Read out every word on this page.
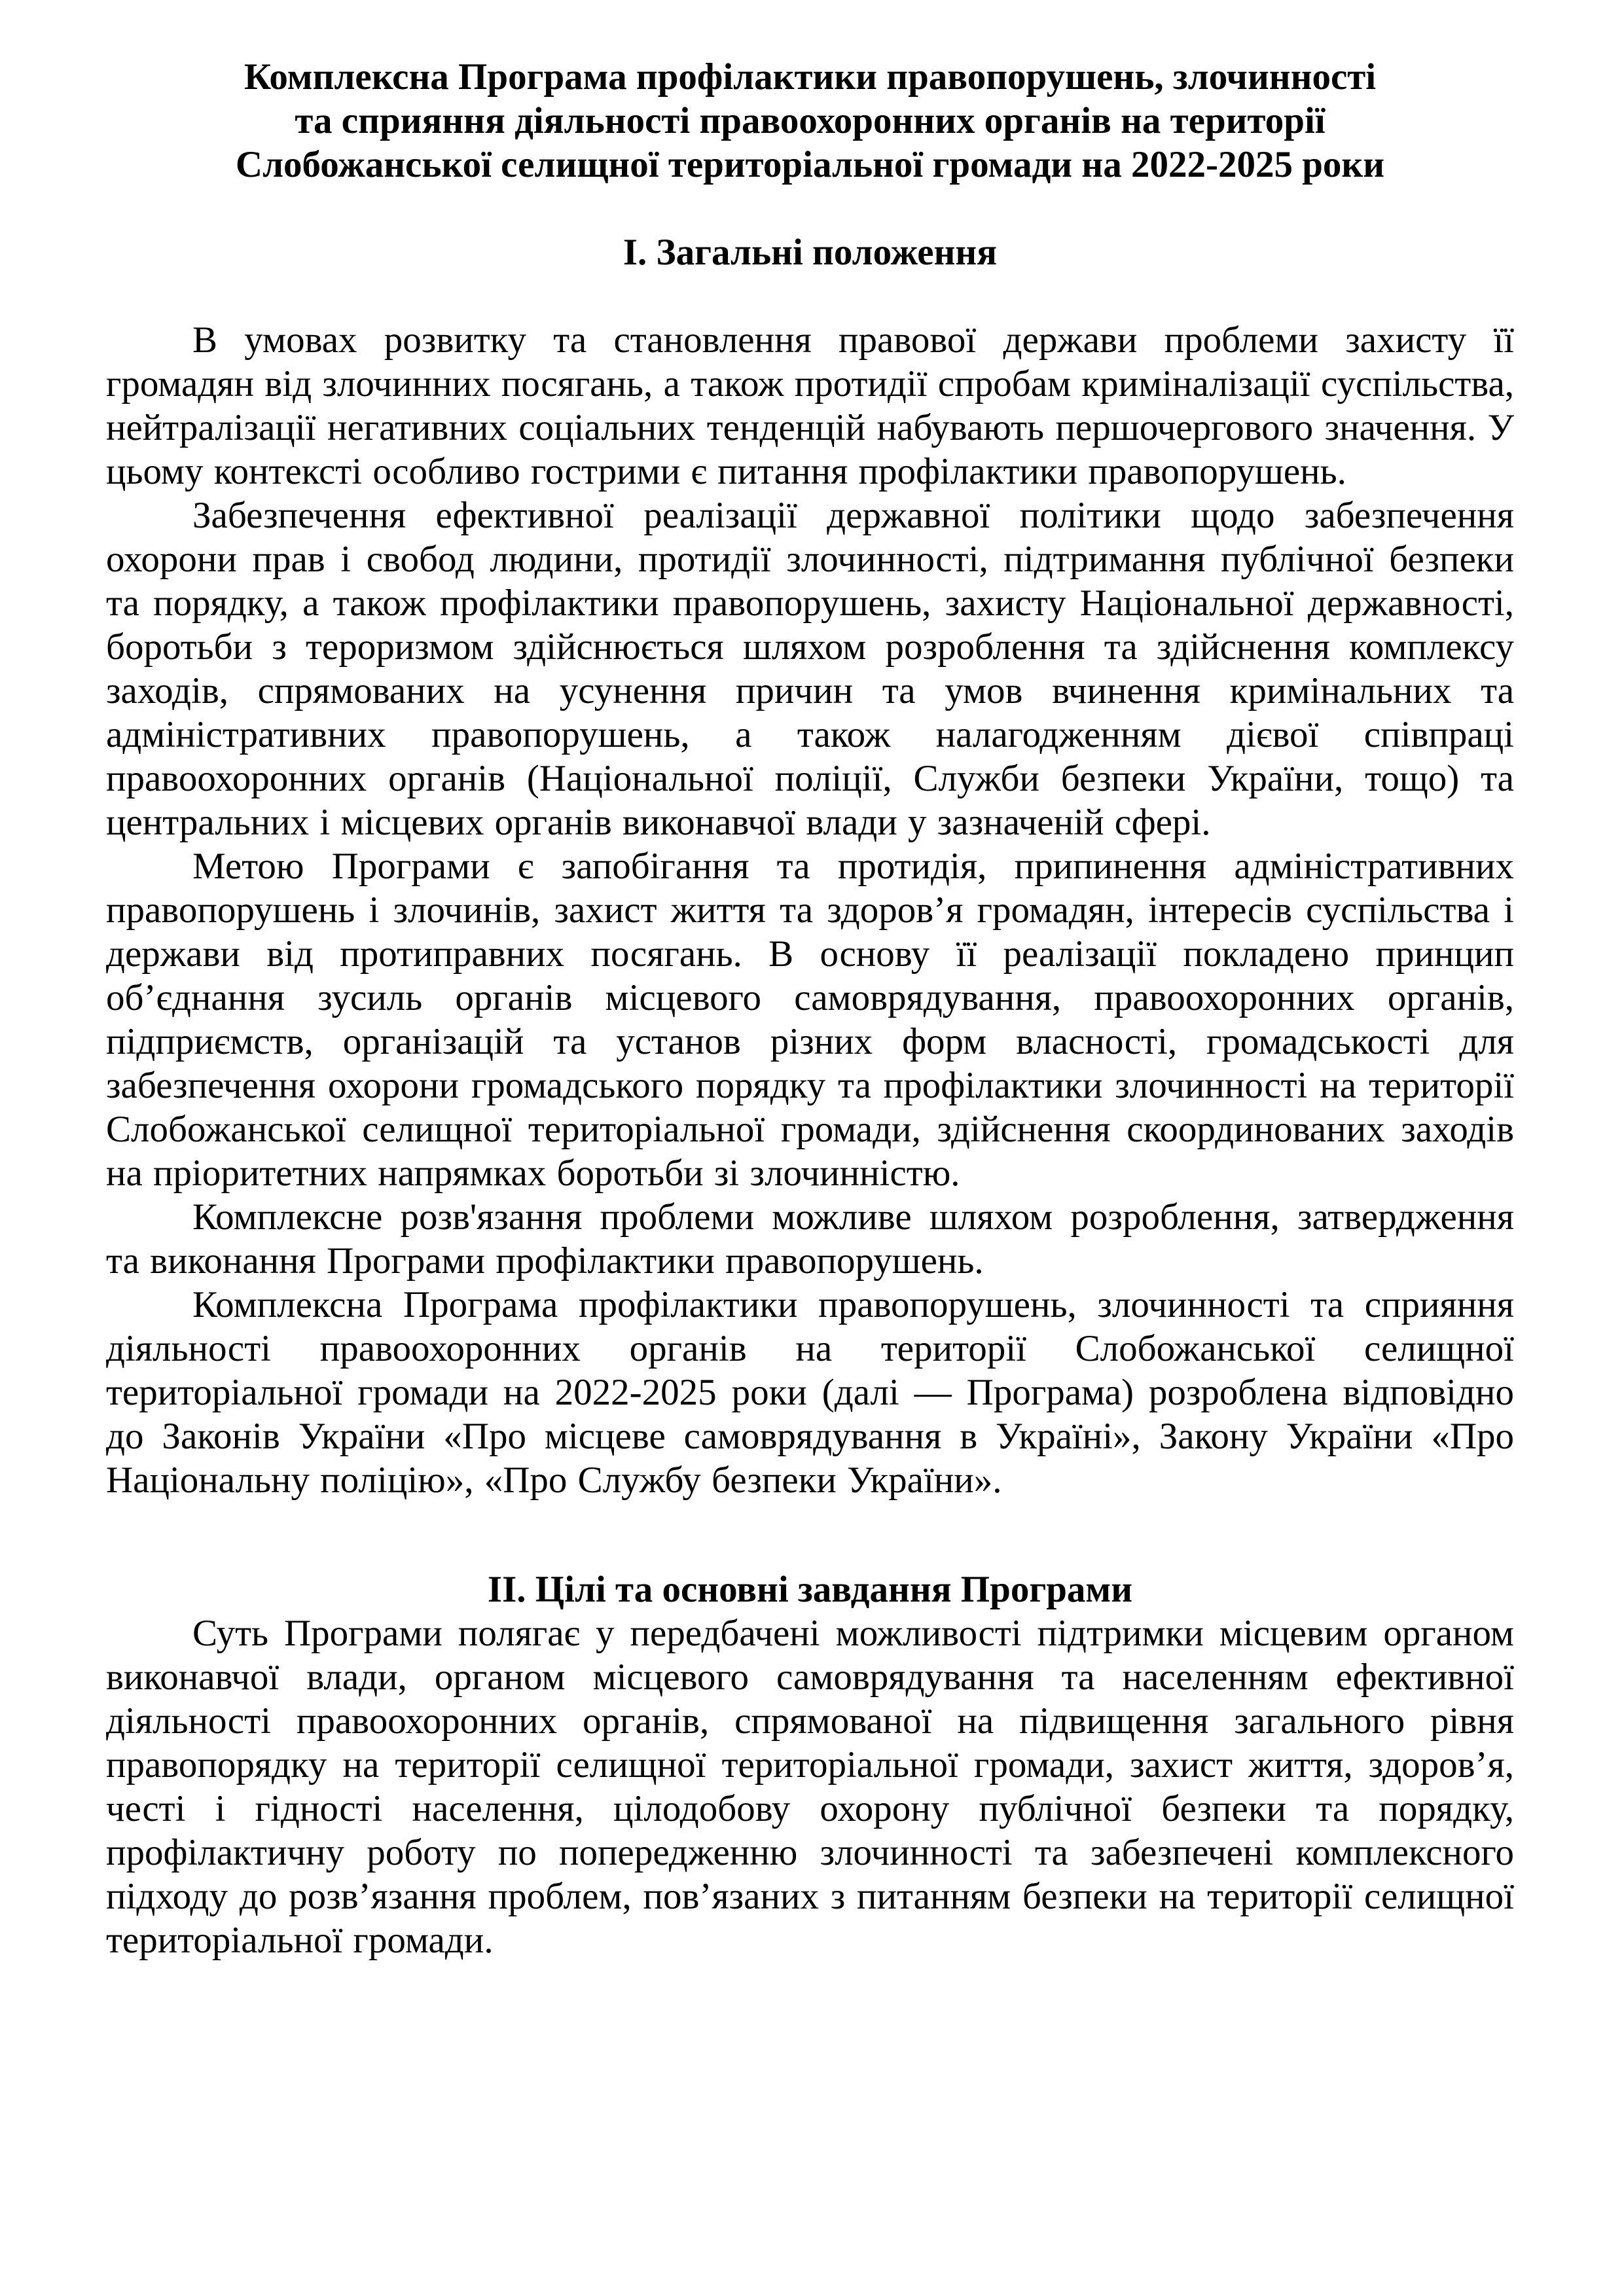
Комплексна Програма профілактики правопорушень, злочинності
та сприяння діяльності правоохоронних органів на території
Слобожанської селищної територіальної громади на 2022-2025 роки
І. Загальні положення

В умовах розвитку та становлення правової держави проблеми захисту її громадян від злочинних посягань, а також протидії спробам криміналізації суспільства, нейтралізації негативних соціальних тенденцій набувають першочергового значення. У цьому контексті особливо гострими є питання профілактики правопорушень.

Забезпечення ефективної реалізації державної політики щодо забезпечення охорони прав і свобод людини, протидії злочинності, підтримання публічної безпеки та порядку, а також профілактики правопорушень, захисту Національної державності, боротьби з тероризмом здійснюється шляхом розроблення та здійснення комплексу заходів, спрямованих на усунення причин та умов вчинення кримінальних та адміністративних правопорушень, а також налагодженням дієвої співпраці правоохоронних органів (Національної поліції, Служби безпеки України, тощо) та центральних і місцевих органів виконавчої влади у зазначеній сфері.

Метою Програми є запобігання та протидія, припинення адміністративних правопорушень і злочинів, захист життя та здоров’я громадян, інтересів суспільства і держави від протиправних посягань. В основу її реалізації покладено принцип об’єднання зусиль органів місцевого самоврядування, правоохоронних органів, підприємств, організацій та установ різних форм власності, громадськості для забезпечення охорони громадського порядку та профілактики злочинності на території Слобожанської селищної територіальної громади, здійснення скоординованих заходів на пріоритетних напрямках боротьби зі злочинністю.

Комплексне розв'язання проблеми можливе шляхом розроблення, затвердження та виконання Програми профілактики правопорушень.

Комплексна Програма профілактики правопорушень, злочинності та сприяння діяльності правоохоронних органів на території Слобожанської селищної територіальної громади на 2022-2025 роки (далі — Програма) розроблена відповідно до Законів України «Про місцеве самоврядування в Україні», Закону України «Про Національну поліцію», «Про Службу безпеки України».

ІІ. Цілі та основні завдання Програми

Суть Програми полягає у передбачені можливості підтримки місцевим органом виконавчої влади, органом місцевого самоврядування та населенням ефективної діяльності правоохоронних органів, спрямованої на підвищення загального рівня правопорядку на території селищної територіальної громади, захист життя, здоров’я, честі і гідності населення, цілодобову охорону публічної безпеки та порядку, профілактичну роботу по попередженню злочинності та забезпечені комплексного підходу до розв’язання проблем, пов’язаних з питанням безпеки на території селищної територіальної громади.
